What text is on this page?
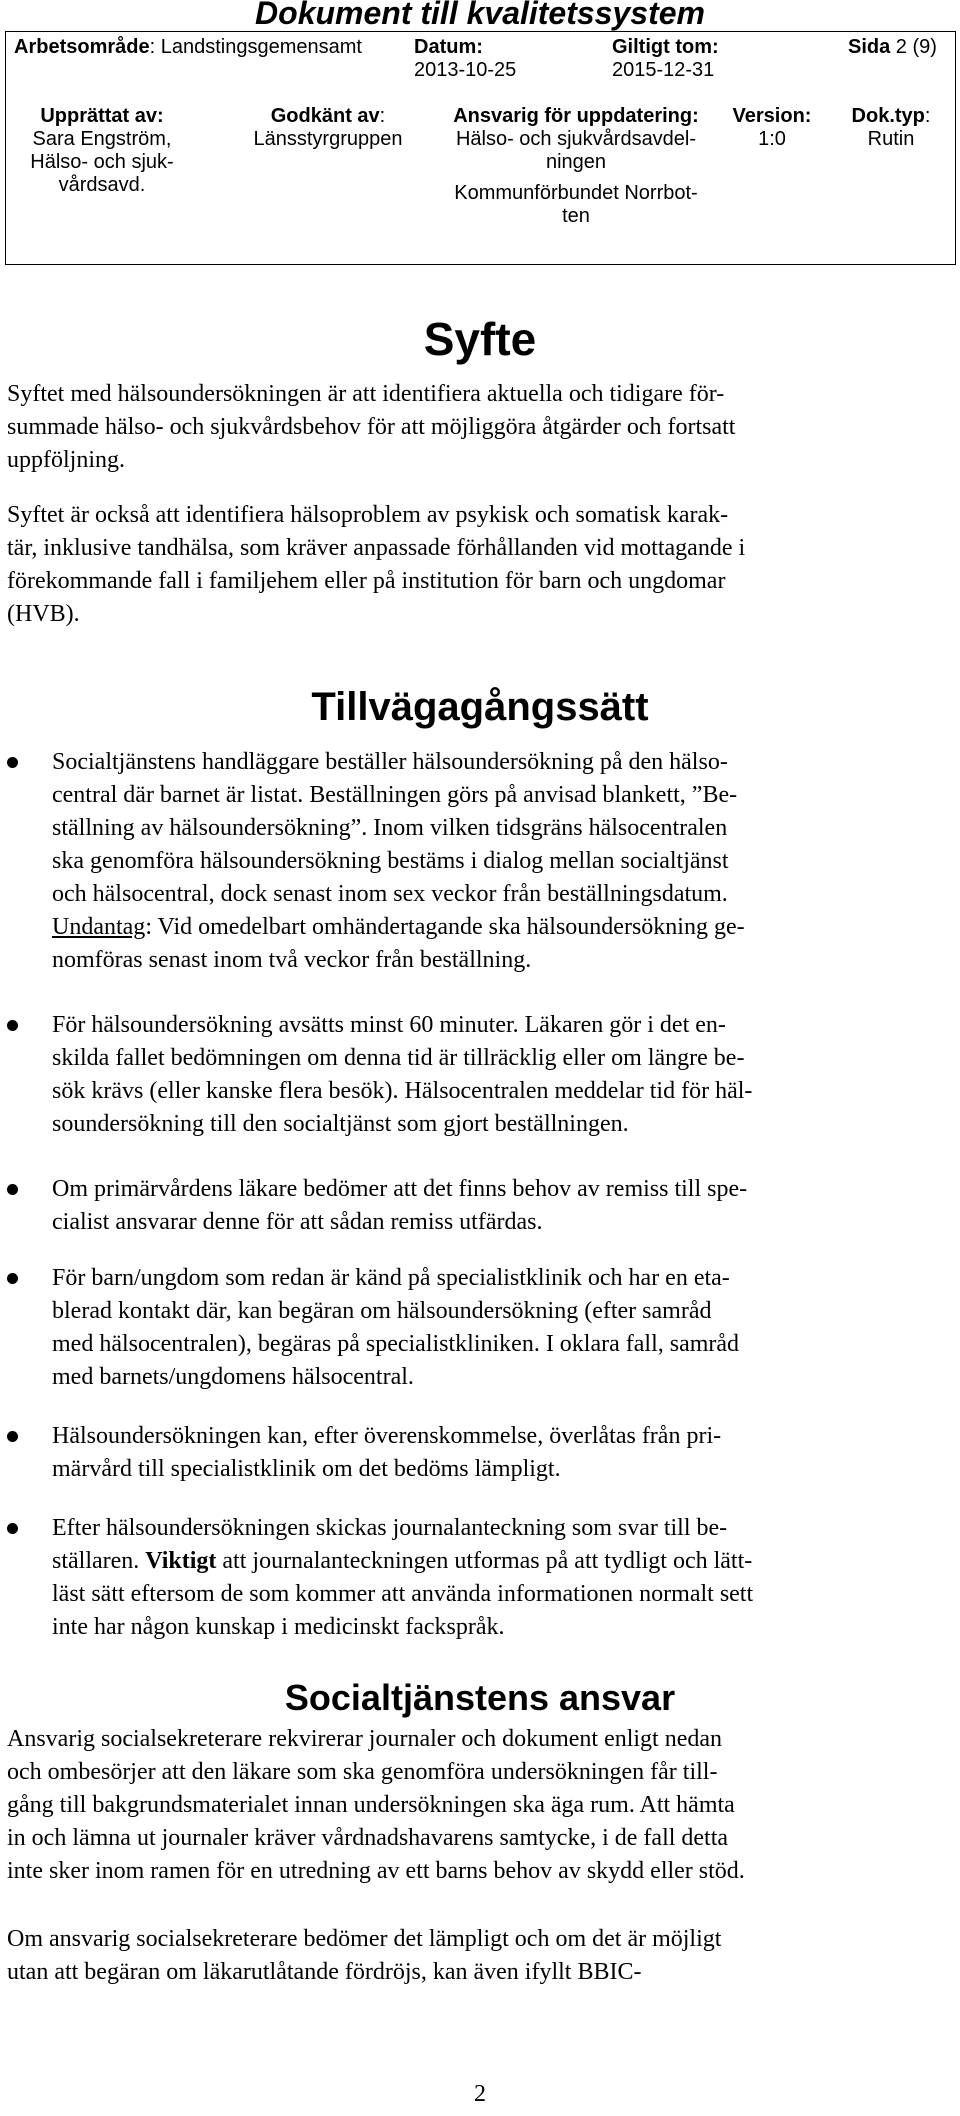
Dokument till kvalitetssystem
Arbetsområde: Landstingsgemensamt	Datum:
2013-10-25
Giltigt tom:
2015-12-31
Sida 2 (9)
Upprättat av:
Sara Engström,
Hälso- och sjuk-
vårdsavd.
Godkänt av:
Länsstyrgruppen
Ansvarig för uppdatering:
Hälso- och sjukvårdsavdel-
ningen
Kommunförbundet Norrbot-
ten
Version:
1:0
Dok.typ:
Rutin
Syfte
Syftet med hälsoundersökningen är att identifiera aktuella och tidigare för-
summade hälso- och sjukvårdsbehov för att möjliggöra åtgärder och fortsatt
uppföljning.
Syftet är också att identifiera hälsoproblem av psykisk och somatisk karak-
tär, inklusive tandhälsa, som kräver anpassade förhållanden vid mottagande i
förekommande fall i familjehem eller på institution för barn och ungdomar
(HVB).
Tillvägagångssätt
Socialtjänstens handläggare beställer hälsoundersökning på den hälso-
central där barnet är listat. Beställningen görs på anvisad blankett, ”Be-
ställning av hälsoundersökning”. Inom vilken tidsgräns hälsocentralen
ska genomföra hälsoundersökning bestäms i dialog mellan socialtjänst
och hälsocentral, dock senast inom sex veckor från beställningsdatum.
Undantag: Vid omedelbart omhändertagande ska hälsoundersökning ge-
nomföras senast inom två veckor från beställning.
För hälsoundersökning avsätts minst 60 minuter. Läkaren gör i det en-
skilda fallet bedömningen om denna tid är tillräcklig eller om längre be-
sök krävs (eller kanske flera besök). Hälsocentralen meddelar tid för häl-
soundersökning till den socialtjänst som gjort beställningen.
Om primärvårdens läkare bedömer att det finns behov av remiss till spe-
cialist ansvarar denne för att sådan remiss utfärdas.
För barn/ungdom som redan är känd på specialistklinik och har en eta-
blerad kontakt där, kan begäran om hälsoundersökning (efter samråd
med hälsocentralen), begäras på specialistkliniken. I oklara fall, samråd
med barnets/ungdomens hälsocentral.
Hälsoundersökningen kan, efter överenskommelse, överlåtas från pri-
märvård till specialistklinik om det bedöms lämpligt.
Efter hälsoundersökningen skickas journalanteckning som svar till be-
ställaren. Viktigt att journalanteckningen utformas på att tydligt och lätt-
läst sätt eftersom de som kommer att använda informationen normalt sett
inte har någon kunskap i medicinskt fackspråk.
Socialtjänstens ansvar
Ansvarig socialsekreterare rekvirerar journaler och dokument enligt nedan
och ombesörjer att den läkare som ska genomföra undersökningen får till-
gång till bakgrundsmaterialet innan undersökningen ska äga rum. Att hämta
in och lämna ut journaler kräver vårdnadshavarens samtycke, i de fall detta
inte sker inom ramen för en utredning av ett barns behov av skydd eller stöd.
Om ansvarig socialsekreterare bedömer det lämpligt och om det är möjligt
utan att begäran om läkarutlåtande fördröjs, kan även ifyllt BBIC-
2
